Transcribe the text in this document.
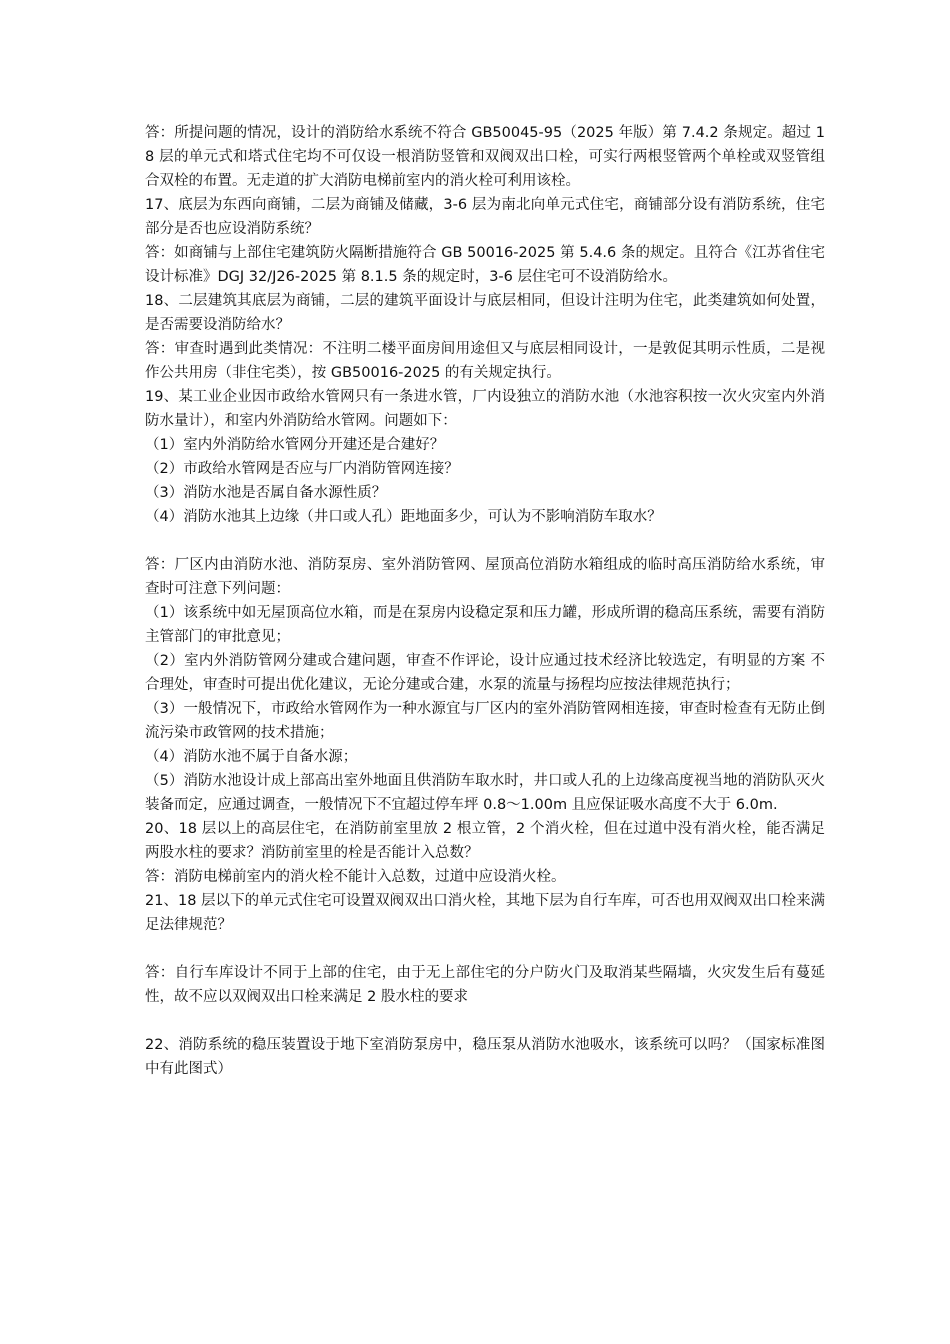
答：所提问题的情况，设计的消防给水系统不符合 GB50045-95（2025 年版）第 7.4.2 条规定。超过 18 层的单元式和塔式住宅均不可仅设一根消防竖管和双阀双出口栓，可实行两根竖管两个单栓或双竖管组合双栓的布置。无走道的扩大消防电梯前室内的消火栓可利用该栓。

17、底层为东西向商铺，二层为商铺及储藏，3-6 层为南北向单元式住宅，商铺部分设有消防系统，住宅部分是否也应设消防系统？

答：如商铺与上部住宅建筑防火隔断措施符合 GB 50016-2025 第 5.4.6 条的规定。且符合《江苏省住宅设计标准》DGJ 32/J26-2025 第 8.1.5 条的规定时，3-6 层住宅可不设消防给水。

18、二层建筑其底层为商铺，二层的建筑平面设计与底层相同，但设计注明为住宅，此类建筑如何处置，是否需要设消防给水？

答：审查时遇到此类情况：不注明二楼平面房间用途但又与底层相同设计，一是敦促其明示性质，二是视作公共用房（非住宅类），按 GB50016-2025 的有关规定执行。

19、某工业企业因市政给水管网只有一条进水管，厂内设独立的消防水池（水池容积按一次火灾室内外消防水量计），和室内外消防给水管网。问题如下：

（1）室内外消防给水管网分开建还是合建好？

（2）市政给水管网是否应与厂内消防管网连接？

（3）消防水池是否属自备水源性质？

（4）消防水池其上边缘（井口或人孔）距地面多少，可认为不影响消防车取水？

答：厂区内由消防水池、消防泵房、室外消防管网、屋顶高位消防水箱组成的临时高压消防给水系统，审查时可注意下列问题：

（1）该系统中如无屋顶高位水箱，而是在泵房内设稳定泵和压力罐，形成所谓的稳高压系统，需要有消防主管部门的审批意见；

（2）室内外消防管网分建或合建问题，审查不作评论，设计应通过技术经济比较选定，有明显的方案 不合理处，审查时可提出优化建议，无论分建或合建，水泵的流量与扬程均应按法律规范执行；

（3）一般情况下，市政给水管网作为一种水源宜与厂区内的室外消防管网相连接，审查时检查有无防止倒流污染市政管网的技术措施；

（4）消防水池不属于自备水源；

（5）消防水池设计成上部高出室外地面且供消防车取水时，井口或人孔的上边缘高度视当地的消防队灭火装备而定，应通过调查，一般情况下不宜超过停车坪 0.8～1.00m 且应保证吸水高度不大于 6.0m.

20、18 层以上的高层住宅，在消防前室里放 2 根立管，2 个消火栓，但在过道中没有消火栓，能否满足两股水柱的要求？消防前室里的栓是否能计入总数？

答：消防电梯前室内的消火栓不能计入总数，过道中应设消火栓。

21、18 层以下的单元式住宅可设置双阀双出口消火栓，其地下层为自行车库，可否也用双阀双出口栓来满足法律规范？

答：自行车库设计不同于上部的住宅，由于无上部住宅的分户防火门及取消某些隔墙，火灾发生后有蔓延性，故不应以双阀双出口栓来满足 2 股水柱的要求

22、消防系统的稳压装置设于地下室消防泵房中，稳压泵从消防水池吸水，该系统可以吗？（国家标准图中有此图式）
